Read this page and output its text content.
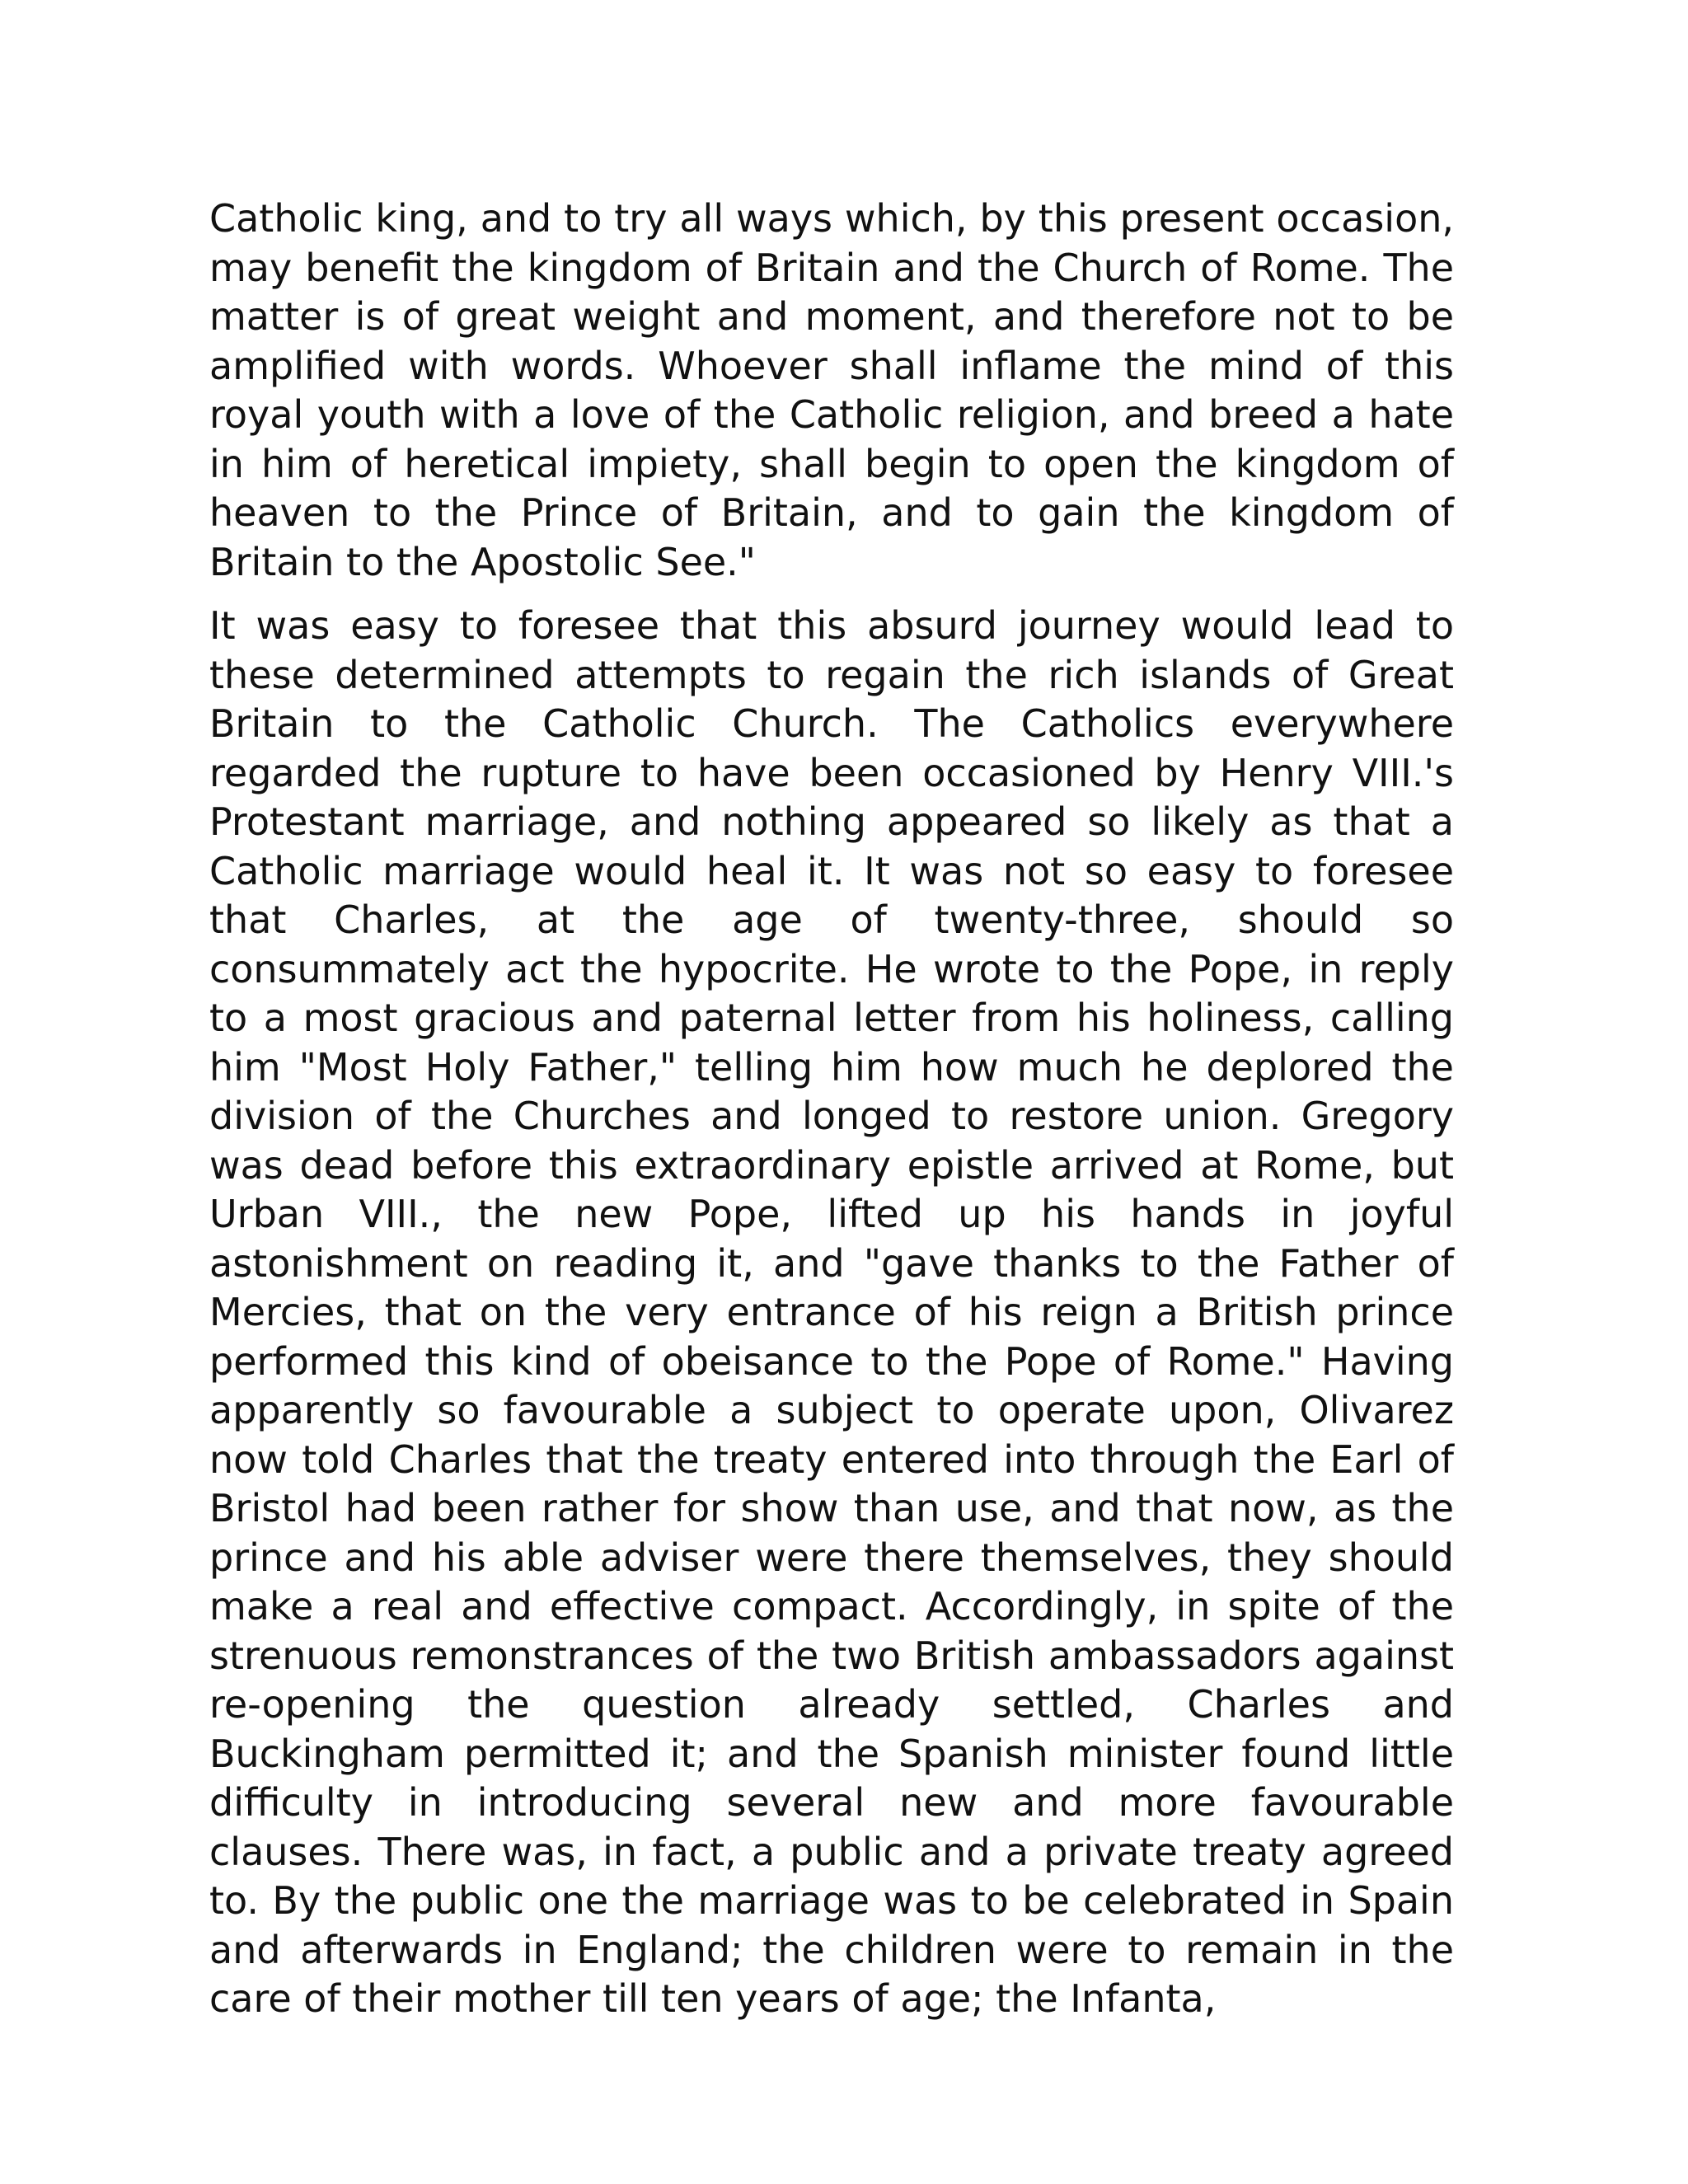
Catholic king, and to try all ways which, by this present occasion, may benefit the kingdom of Britain and the Church of Rome. The matter is of great weight and moment, and therefore not to be amplified with words. Whoever shall inflame the mind of this royal youth with a love of the Catholic religion, and breed a hate in him of heretical impiety, shall begin to open the kingdom of heaven to the Prince of Britain, and to gain the kingdom of Britain to the Apostolic See."

It was easy to foresee that this absurd journey would lead to these determined attempts to regain the rich islands of Great Britain to the Catholic Church. The Catholics everywhere regarded the rupture to have been occasioned by Henry VIII.'s Protestant marriage, and nothing appeared so likely as that a Catholic marriage would heal it. It was not so easy to foresee that Charles, at the age of twenty-three, should so consummately act the hypocrite. He wrote to the Pope, in reply to a most gracious and paternal letter from his holiness, calling him "Most Holy Father," telling him how much he deplored the division of the Churches and longed to restore union. Gregory was dead before this extraordinary epistle arrived at Rome, but Urban VIII., the new Pope, lifted up his hands in joyful astonishment on reading it, and "gave thanks to the Father of Mercies, that on the very entrance of his reign a British prince performed this kind of obeisance to the Pope of Rome." Having apparently so favourable a subject to operate upon, Olivarez now told Charles that the treaty entered into through the Earl of Bristol had been rather for show than use, and that now, as the prince and his able adviser were there themselves, they should make a real and effective compact. Accordingly, in spite of the strenuous remonstrances of the two British ambassadors against re-opening the question already settled, Charles and Buckingham permitted it; and the Spanish minister found little difficulty in introducing several new and more favourable clauses. There was, in fact, a public and a private treaty agreed to. By the public one the marriage was to be celebrated in Spain and afterwards in England; the children were to remain in the care of their mother till ten years of age; the Infanta,
